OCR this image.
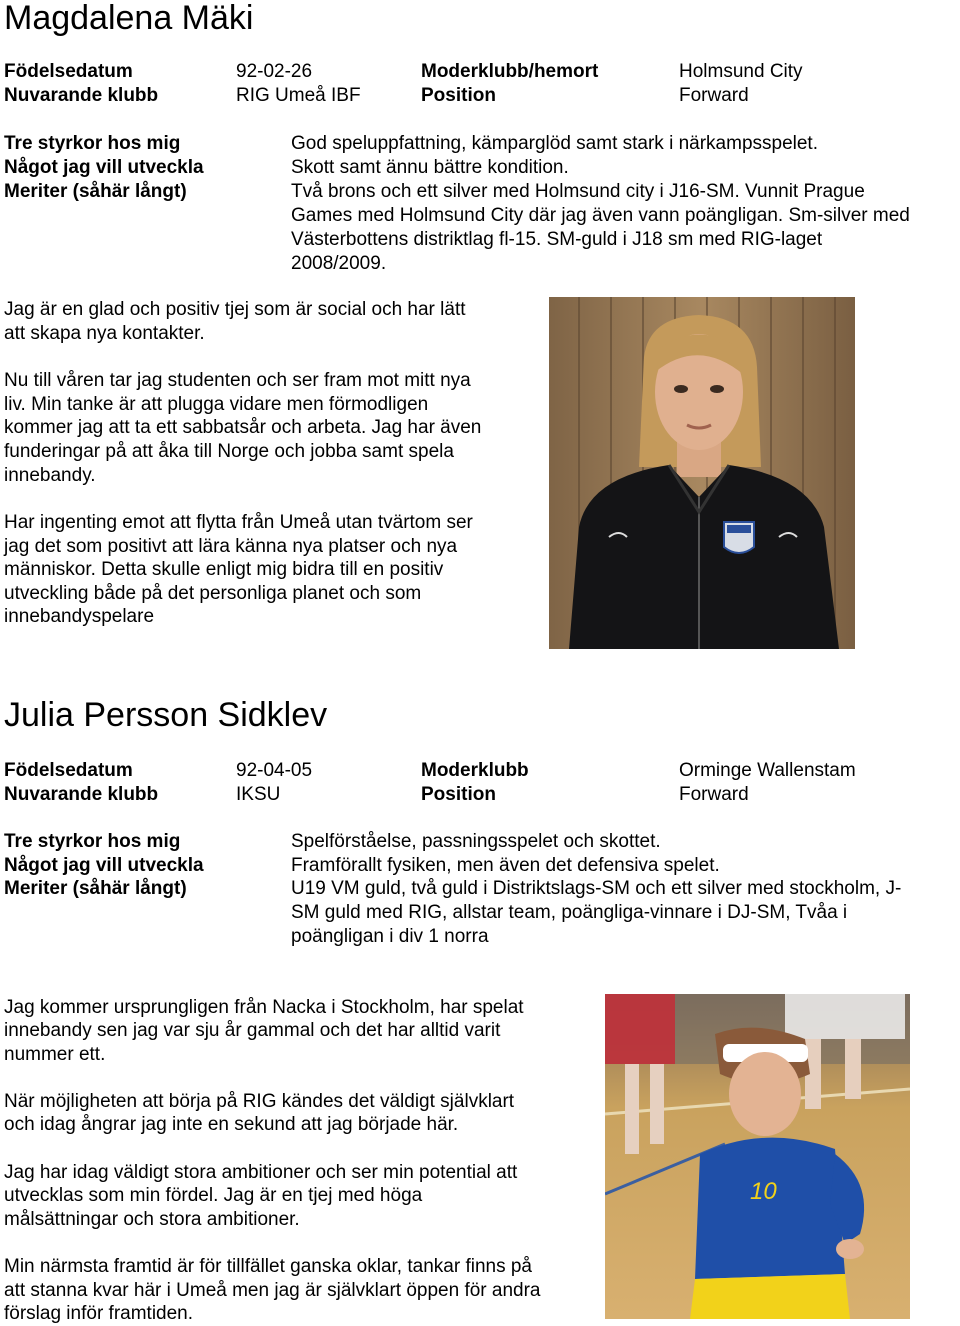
Magdalena Mäki
Födelsedatum	92-02-26	Moderklubb/hemort	Holmsund City
Nuvarande klubb	RIG Umeå IBF	Position	Forward
Tre styrkor hos mig	God speluppfattning, kämparglöd samt stark i närkampsspelet.
Något jag vill utveckla	Skott samt ännu bättre kondition.
Meriter (såhär långt)	Två brons och ett silver med Holmsund city i J16-SM. Vunnit Prague
Games med Holmsund City där jag även vann poängligan. Sm-silver med
Västerbottens distriktlag fl-15. SM-guld i J18 sm med RIG-laget
2008/2009.
Jag är en glad och positiv tjej som är social och har lätt
att skapa nya kontakter.
Nu till våren tar jag studenten och ser fram mot mitt nya
liv. Min tanke är att plugga vidare men förmodligen
kommer jag att ta ett sabbatsår och arbeta. Jag har även
funderingar på att åka till Norge och jobba samt spela
innebandy.
Har ingenting emot att flytta från Umeå utan tvärtom ser
jag det som positivt att lära känna nya platser och nya
människor. Detta skulle enligt mig bidra till en positiv
utveckling både på det personliga planet och som
innebandyspelare
Julia Persson Sidklev
Födelsedatum	92-04-05	Moderklubb	Orminge Wallenstam
Nuvarande klubb	IKSU	Position	Forward
Tre styrkor hos mig	Spelförståelse, passningsspelet och skottet.
Något jag vill utveckla	Framförallt fysiken, men även det defensiva spelet.
Meriter (såhär långt)	U19 VM guld, två guld i Distriktslags-SM och ett silver med stockholm, J-
SM guld med RIG, allstar team, poängliga-vinnare i DJ-SM, Tvåa i
poängligan i div 1 norra
Jag kommer ursprungligen från Nacka i Stockholm, har spelat
innebandy sen jag var sju år gammal och det har alltid varit
nummer ett.
När möjligheten att börja på RIG kändes det väldigt självklart
och idag ångrar jag inte en sekund att jag började här.
Jag har idag väldigt stora ambitioner och ser min potential att
utvecklas som min fördel. Jag är en tjej med höga
målsättningar och stora ambitioner.
Min närmsta framtid är för tillfället ganska oklar, tankar finns på
att stanna kvar här i Umeå men jag är självklart öppen för andra
förslag inför framtiden.
10
